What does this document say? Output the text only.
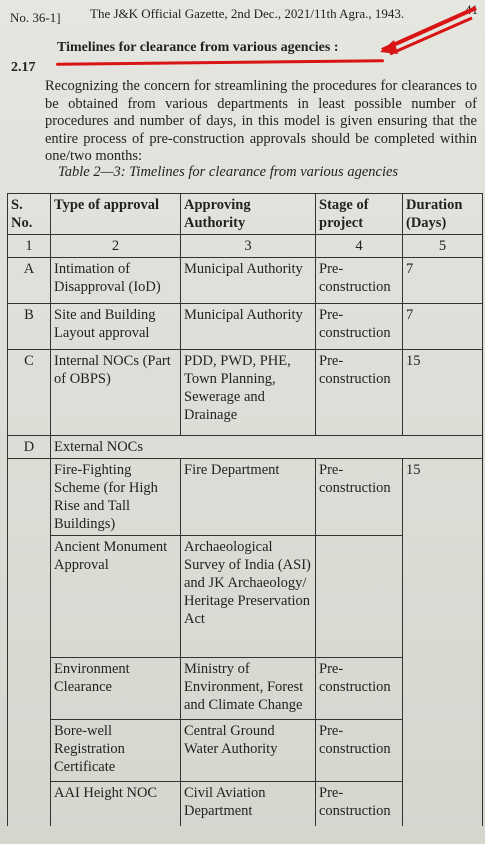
No. 36-1] The J&K Official Gazette, 2nd Dec., 2021/11th Agra., 1943.	41
2.17
Timelines for clearance from various agencies :
Recognizing the concern for streamlining the procedures for clearances to be obtained from various departments in least possible number of procedures and number of days, in this model is given ensuring that the entire process of pre-construction approvals should be completed within one/two months:
Table 2—3: Timelines for clearance from various agencies
S. No.	Type of approval	Approving Authority	Stage of project	Duration (Days)
1	2	3	4	5
A	Intimation of Disapproval (IoD)	Municipal Authority	Pre-construction	7
B	Site and Building Layout approval	Municipal Authority	Pre-construction	7
C	Internal NOCs (Part of OBPS)	PDD, PWD, PHE, Town Planning, Sewerage and Drainage	Pre-construction	15
D	External NOCs			
	Fire-Fighting Scheme (for High Rise and Tall Buildings)	Fire Department	Pre-construction	15
	Ancient Monument Approval	Archaeological Survey of India (ASI) and JK Archaeology/ Heritage Preservation Act		
	Environment Clearance	Ministry of Environment, Forest and Climate Change	Pre-construction	
	Bore-well Registration Certificate	Central Ground Water Authority	Pre-construction	
	AAI Height NOC	Civil Aviation Department	Pre-construction	
